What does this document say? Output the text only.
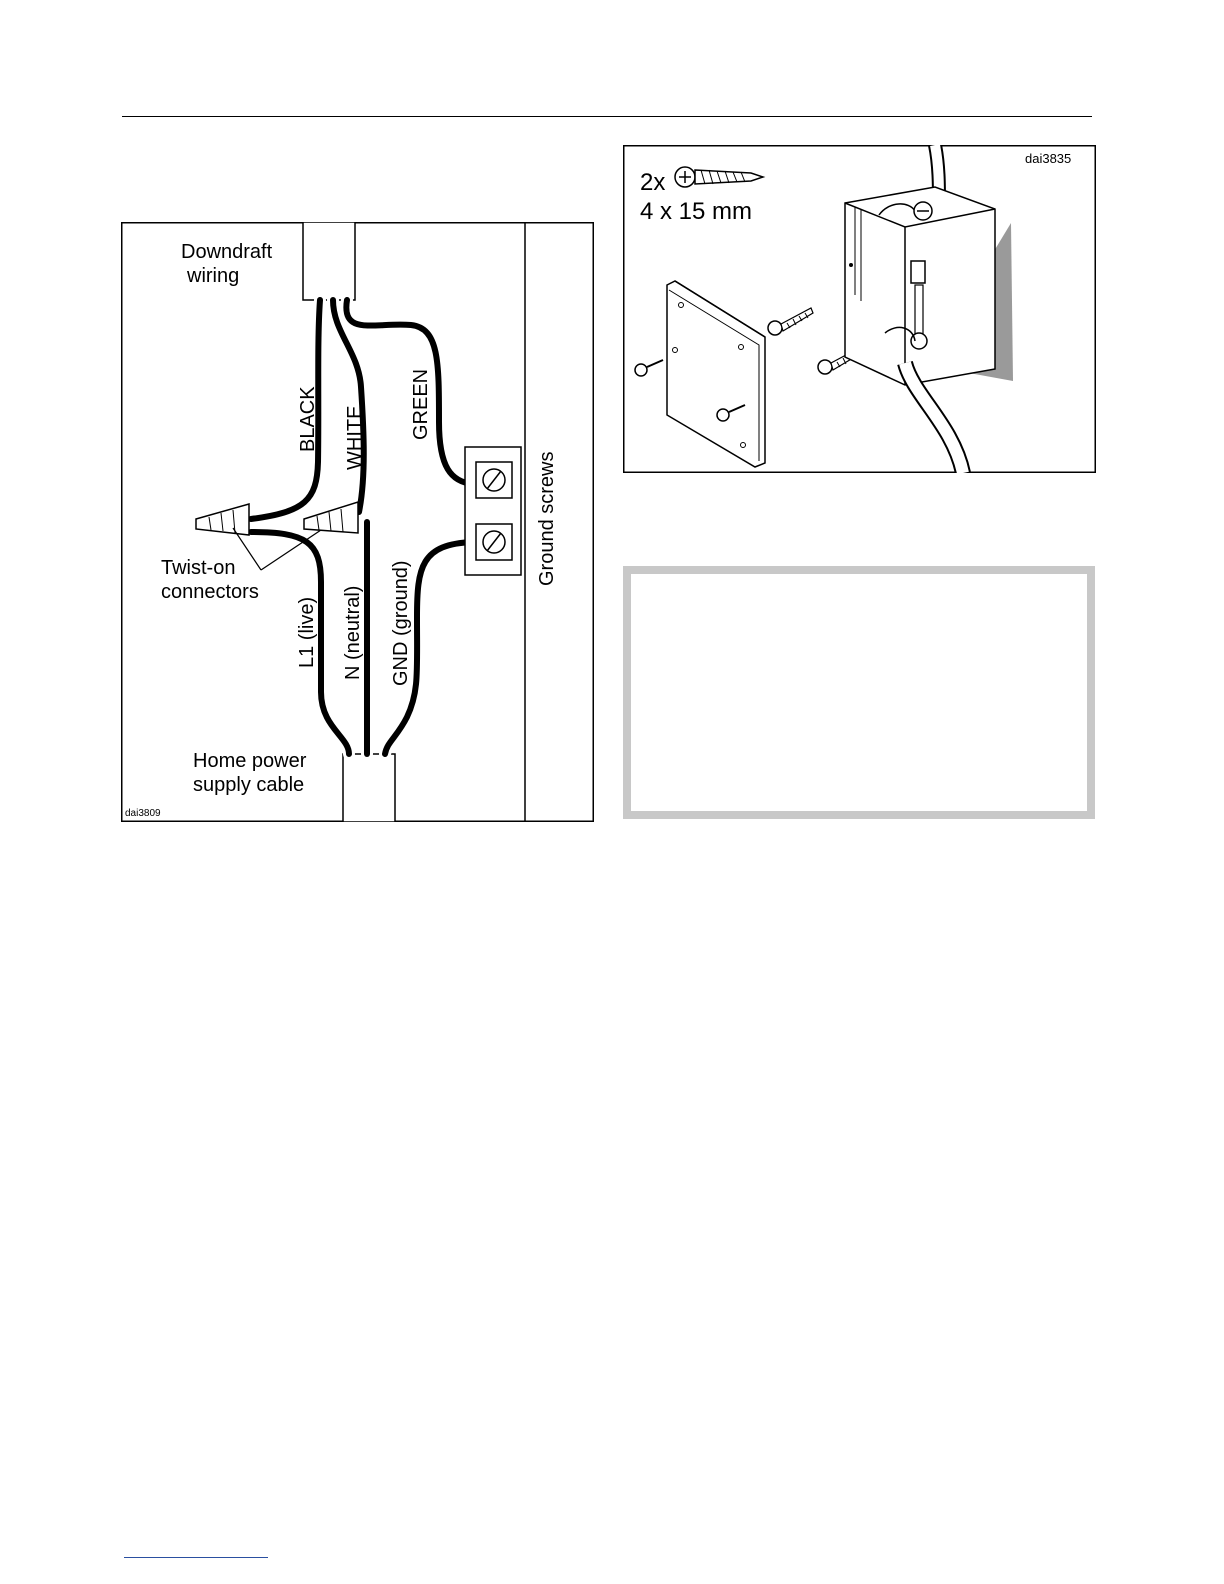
Downdraft
wiring
BLACK WHITE GREEN
Ground screws
Twist-on
connectors
L1 (live) N (neutral) GND (ground)
Home power
supply cable
dai3809
2x
4 x 15 mm
dai3835
